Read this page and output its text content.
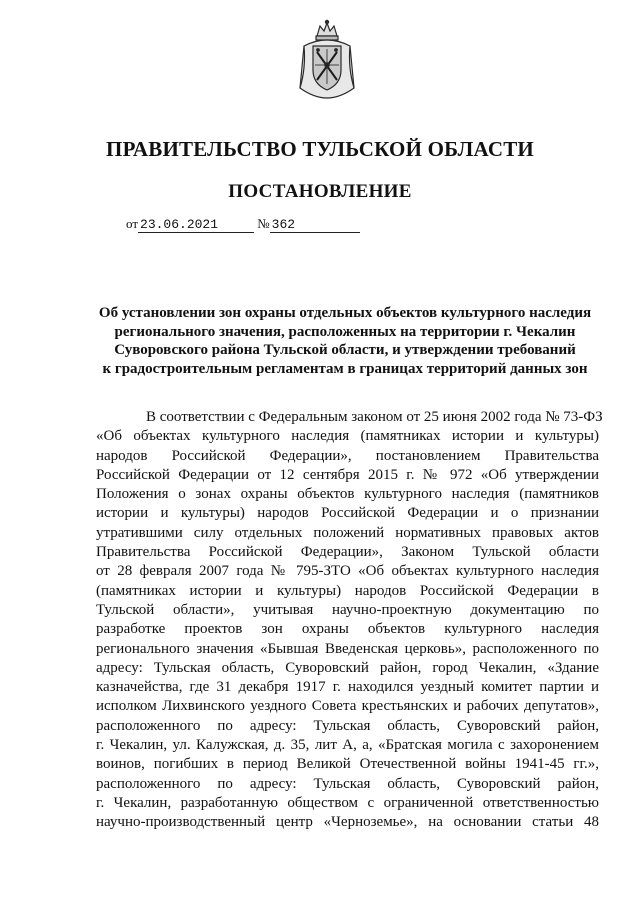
ПРАВИТЕЛЬСТВО ТУЛЬСКОЙ ОБЛАСТИ
ПОСТАНОВЛЕНИЕ
от 23.06.2021	№ 362
Об установлении зон охраны отдельных объектов культурного наследия
регионального значения, расположенных на территории г. Чекалин
Суворовского района Тульской области, и утверждении требований
к градостроительным регламентам в границах территорий данных зон
В соответствии с Федеральным законом от 25 июня 2002 года № 73-ФЗ
«Об объектах культурного наследия (памятниках истории и культуры)
народов Российской Федерации», постановлением Правительства
Российской Федерации от 12 сентября 2015 г. № 972 «Об утверждении
Положения о зонах охраны объектов культурного наследия (памятников
истории и культуры) народов Российской Федерации и о признании
утратившими силу отдельных положений нормативных правовых актов
Правительства Российской Федерации», Законом Тульской области
от 28 февраля 2007 года № 795-ЗТО «Об объектах культурного наследия
(памятниках истории и культуры) народов Российской Федерации в
Тульской области», учитывая научно-проектную документацию по
разработке проектов зон охраны объектов культурного наследия
регионального значения «Бывшая Введенская церковь», расположенного по
адресу: Тульская область, Суворовский район, город Чекалин, «Здание
казначейства, где 31 декабря 1917 г. находился уездный комитет партии и
исполком Лихвинского уездного Совета крестьянских и рабочих депутатов»,
расположенного по адресу: Тульская область, Суворовский район,
г. Чекалин, ул. Калужская, д. 35, лит А, а, «Братская могила с захоронением
воинов, погибших в период Великой Отечественной войны 1941-45 гг.»,
расположенного по адресу: Тульская область, Суворовский район,
г. Чекалин, разработанную обществом с ограниченной ответственностью
научно-производственный центр «Черноземье», на основании статьи 48
